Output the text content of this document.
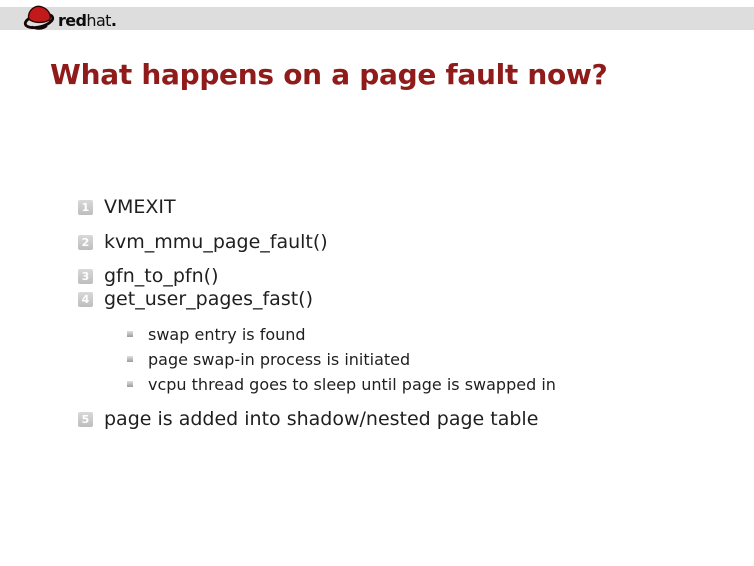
redhat.
What happens on a page fault now?
1 VMEXIT
2 kvm_mmu_page_fault()
3 gfn_to_pfn()
4 get_user_pages_fast()
swap entry is found
page swap-in process is initiated
vcpu thread goes to sleep until page is swapped in
5 page is added into shadow/nested page table
